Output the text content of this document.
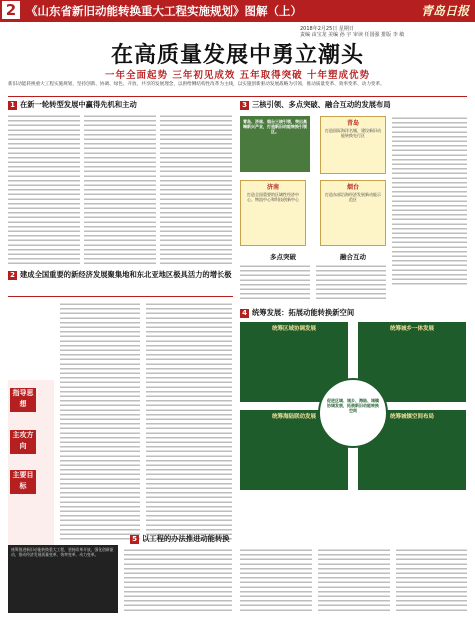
2 《山东省新旧动能转换重大工程实施规划》图解（上）	青岛日报
2018年2月25日 星期日
责编 由宝龙 美编 孙 宇 审读 任国强 排版 李 敏
在高质量发展中勇立潮头
一年全面起势 三年初见成效 五年取得突破 十年塑成优势
新旧动能转换重大工程实施规划，坚持创新、协调、绿色、开放、共享的发展理念，以供给侧结构性改革为主线，以实施创新驱动发展战略为引领，推动质量变革、效率变革、动力变革。
1 在新一轮转型发展中赢得先机和主动
2 建成全国重要的新经济发展聚集地和东北亚地区极具活力的增长极
指导思想
主攻方向
主要目标
统筹推进新旧动能转换重大工程，坚持改革开放，强化创新驱动，推动经济发展质量变革、效率变革、动力变革。
3 三核引领、多点突破、融合互动的发展布局
青岛、济南、烟台三核引领，突出高端新兴产业，打造新旧动能转换引领区。
青岛
打造国际海洋名城，建设新旧动能转换先行区
济南
打造全国重要的区域性经济中心、物流中心和科技创新中心
烟台
打造东部沿海经济发展新动能示范区
多点突破	融合互动
4 统筹发展：拓展动能转换新空间
统筹区域协调发展	统筹城乡一体发展
统筹海陆联动发展	统筹城镇空间布局
促进区域、城乡、海陆、城镇协调发展，拓展新旧动能转换空间
5 以工程的办法推进动能转换
